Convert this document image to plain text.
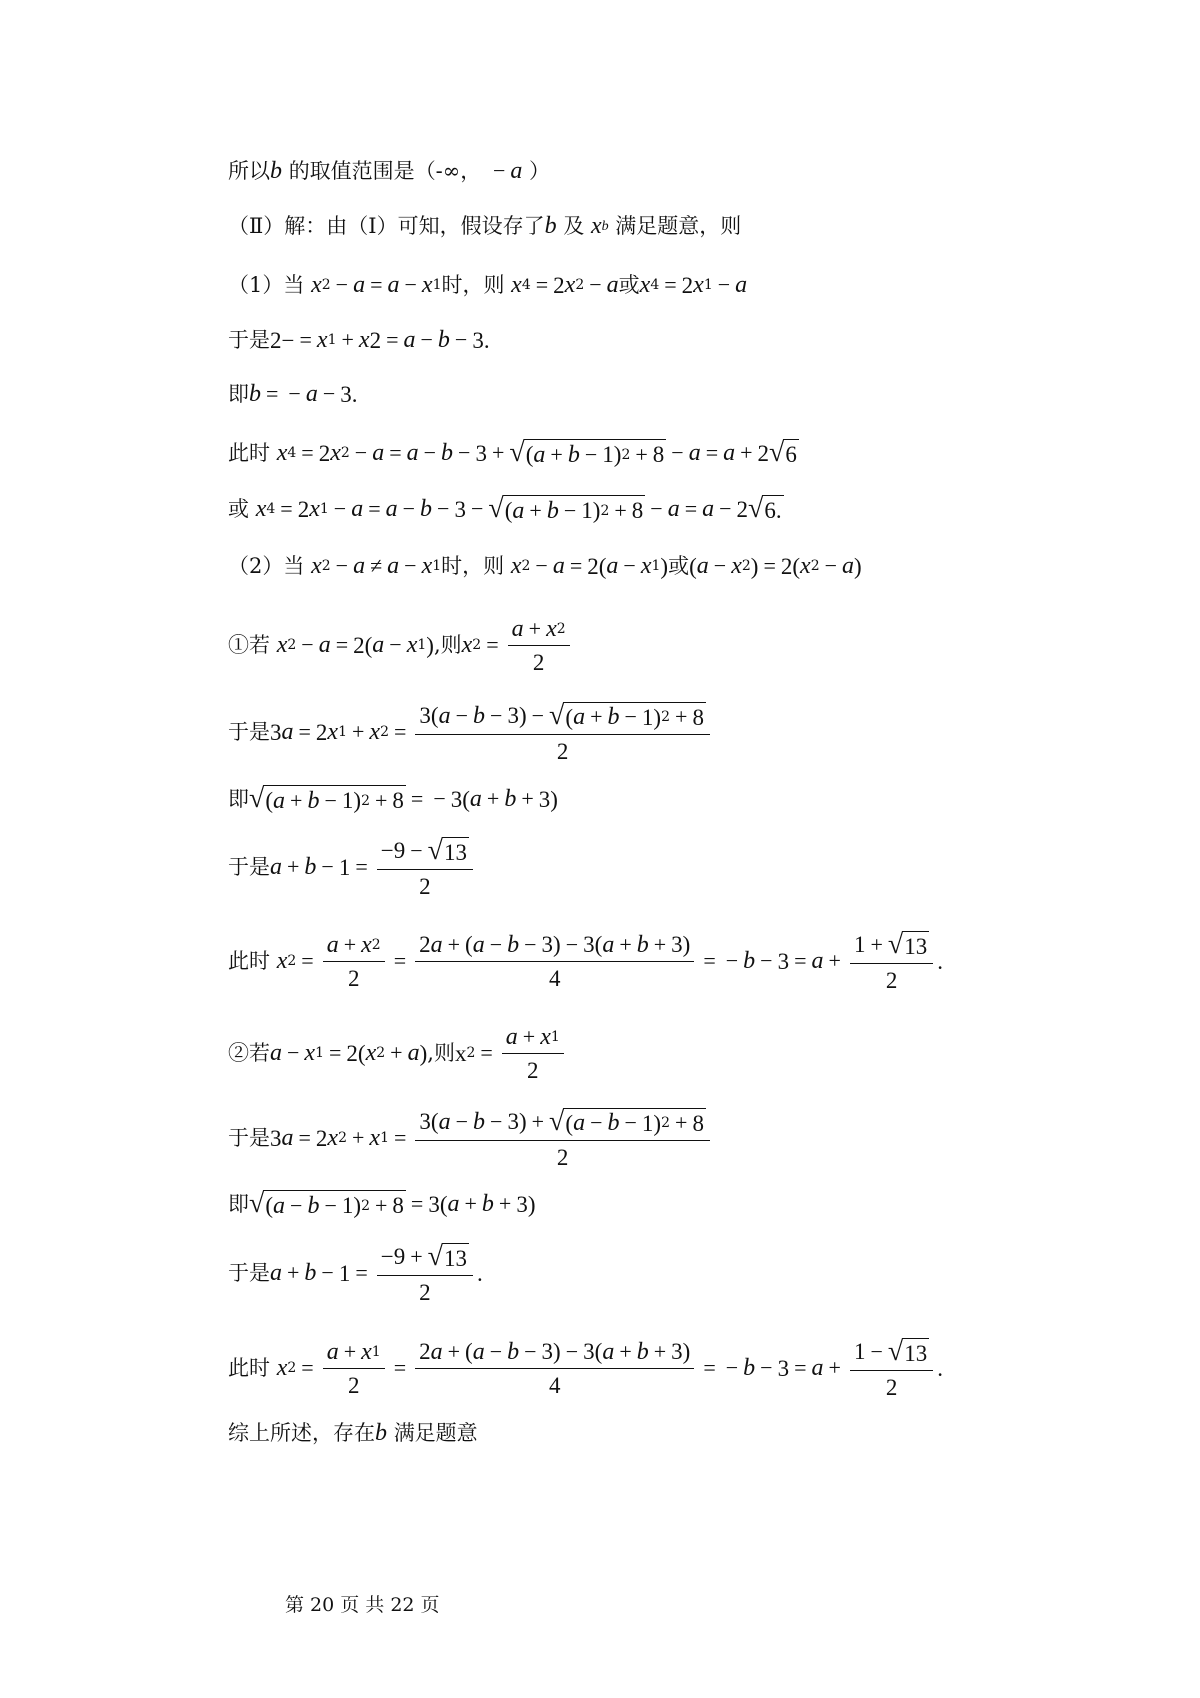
所以 b
的取值范围是 （-∞， − a ）
（Ⅱ）解：由（Ⅰ）可知，假设存了 b
及
x b
满足题意，则
（1）当
x 2 − a = a − x 1 时，则
x 4 = 2 x 2 − a 或 x 4 = 2 x 1 − a
于是 2− = x 1 + x 2 = a − b − 3.
即 b = − a − 3.
此时
x 4 = 2 x 2 − a = a − b − 3 + √ ( a + b − 1) 2 + 8 − a = a + 2 √ 6
或
x 4 = 2 x 1 − a = a − b − 3 − √ ( a + b − 1) 2 + 8 − a = a − 2 √ 6.
（2）当
x 2 − a ≠ a − x 1 时，则
x 2 − a = 2( a − x 1 ) 或 ( a − x 2 ) = 2( x 2 − a )
①若
x 2 − a = 2( a − x 1 ) ,则 x $2 = \frac{a + x 2}{2}$
于是 3 a = 2 x 1 + x $2 = \frac{3( a - b - 3) - √ ( a + b - 1) 2 + 8}{2}$
即 √ ( a + b − 1) 2 + 8 = − 3( a + b + 3)
于是 $a + b - 1 = \frac{-9 - √ 13}{2}$
此时
x $2 = \frac{a + x 2}{2} = \frac{2 a + ( a - b - 3) - 3( a + b + 3)}{4}$ = − $b - 3 = a + \frac{1 + √ 13}{2}$ .
②若 a − x 1 = 2( x 2 + a ) ,则 x $2 = \frac{a + x 1}{2}$
于是 3 a = 2 x 2 + x $1 = \frac{3( a - b - 3) + √ ( a - b - 1) 2 + 8}{2}$
即 √ ( a − b − 1) 2 + 8 = 3( a + b + 3)
于是 $a + b - 1 = \frac{-9 + √ 13}{2}$ .
此时
x $2 = \frac{a + x 1}{2} = \frac{2 a + ( a - b - 3) - 3( a + b + 3)}{4}$ = − $b - 3 = a + \frac{1 - √ 13}{2}$ .
综上所述，存在 b
满足题意
第 20 页 共 22 页
